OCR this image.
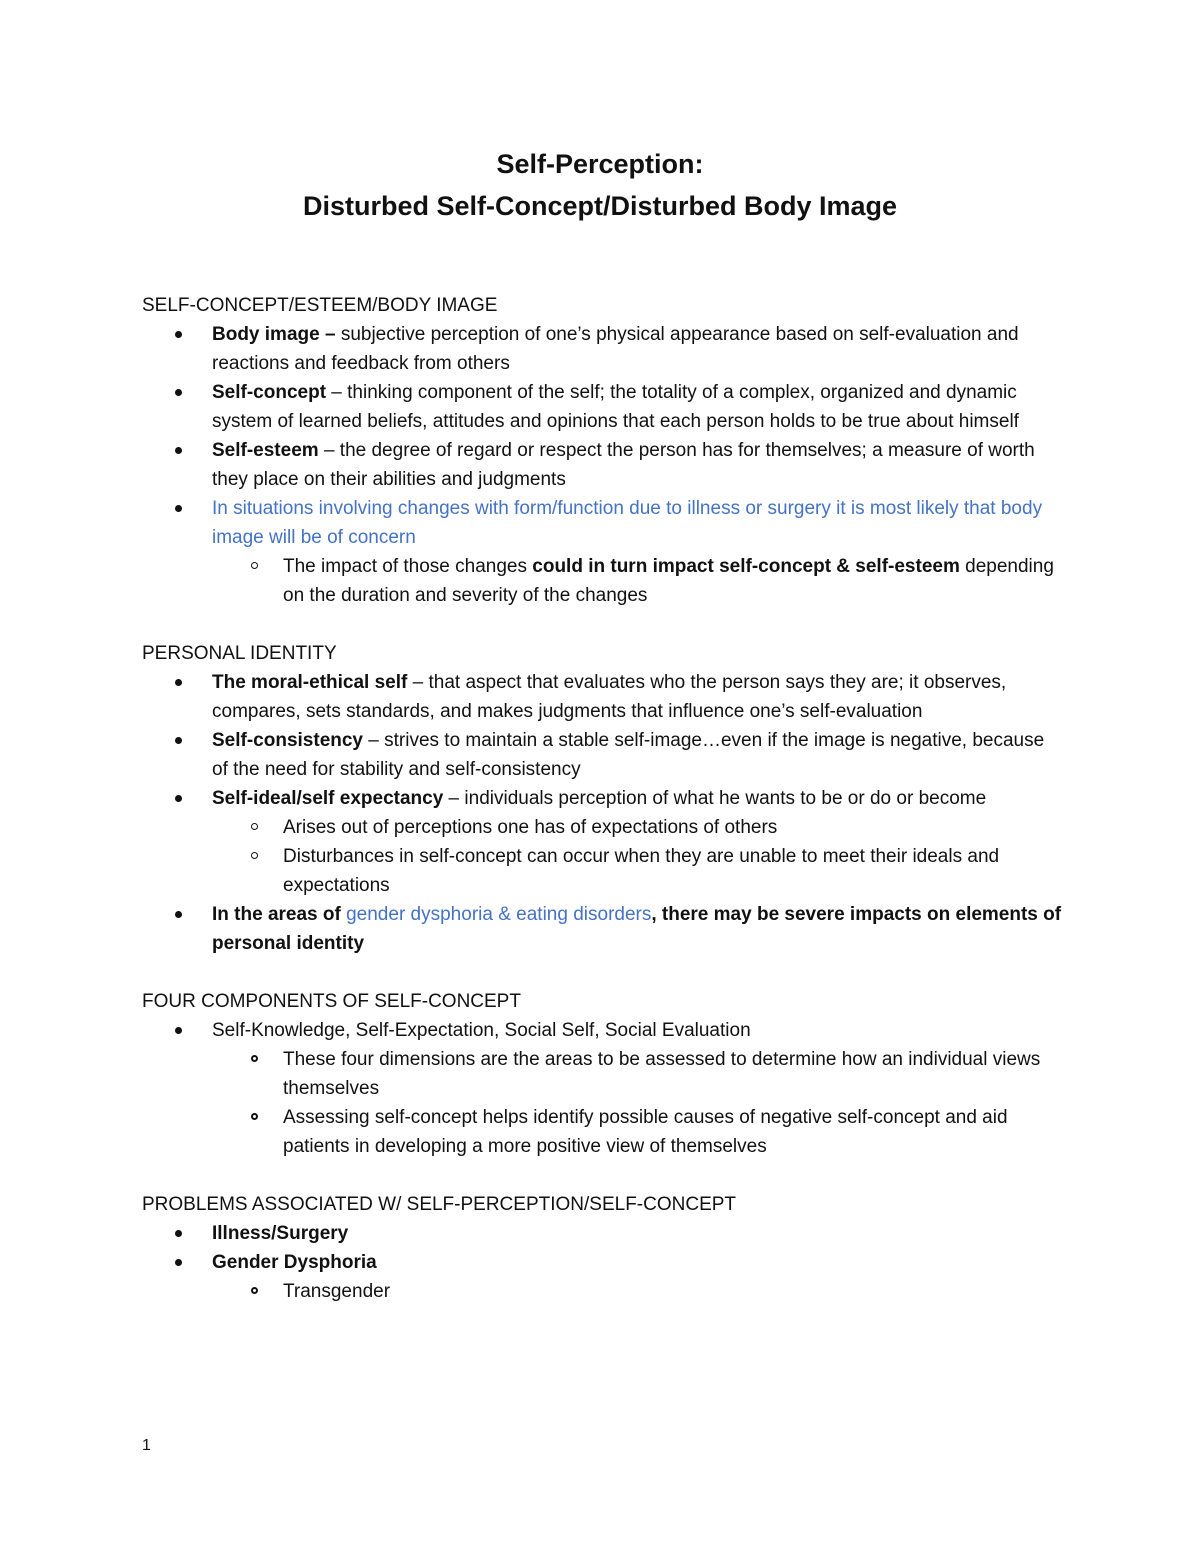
Self-Perception:
Disturbed Self-Concept/Disturbed Body Image
SELF-CONCEPT/ESTEEM/BODY IMAGE
Body image – subjective perception of one’s physical appearance based on self-evaluation and reactions and feedback from others
Self-concept – thinking component of the self; the totality of a complex, organized and dynamic system of learned beliefs, attitudes and opinions that each person holds to be true about himself
Self-esteem – the degree of regard or respect the person has for themselves; a measure of worth they place on their abilities and judgments
In situations involving changes with form/function due to illness or surgery it is most likely that body image will be of concern
The impact of those changes could in turn impact self-concept & self-esteem depending on the duration and severity of the changes
PERSONAL IDENTITY
The moral-ethical self – that aspect that evaluates who the person says they are; it observes, compares, sets standards, and makes judgments that influence one’s self-evaluation
Self-consistency – strives to maintain a stable self-image…even if the image is negative, because of the need for stability and self-consistency
Self-ideal/self expectancy – individuals perception of what he wants to be or do or become
Arises out of perceptions one has of expectations of others
Disturbances in self-concept can occur when they are unable to meet their ideals and expectations
In the areas of gender dysphoria & eating disorders, there may be severe impacts on elements of personal identity
FOUR COMPONENTS OF SELF-CONCEPT
Self-Knowledge, Self-Expectation, Social Self, Social Evaluation
These four dimensions are the areas to be assessed to determine how an individual views themselves
Assessing self-concept helps identify possible causes of negative self-concept and aid patients in developing a more positive view of themselves
PROBLEMS ASSOCIATED W/ SELF-PERCEPTION/SELF-CONCEPT
Illness/Surgery
Gender Dysphoria
Transgender
1
